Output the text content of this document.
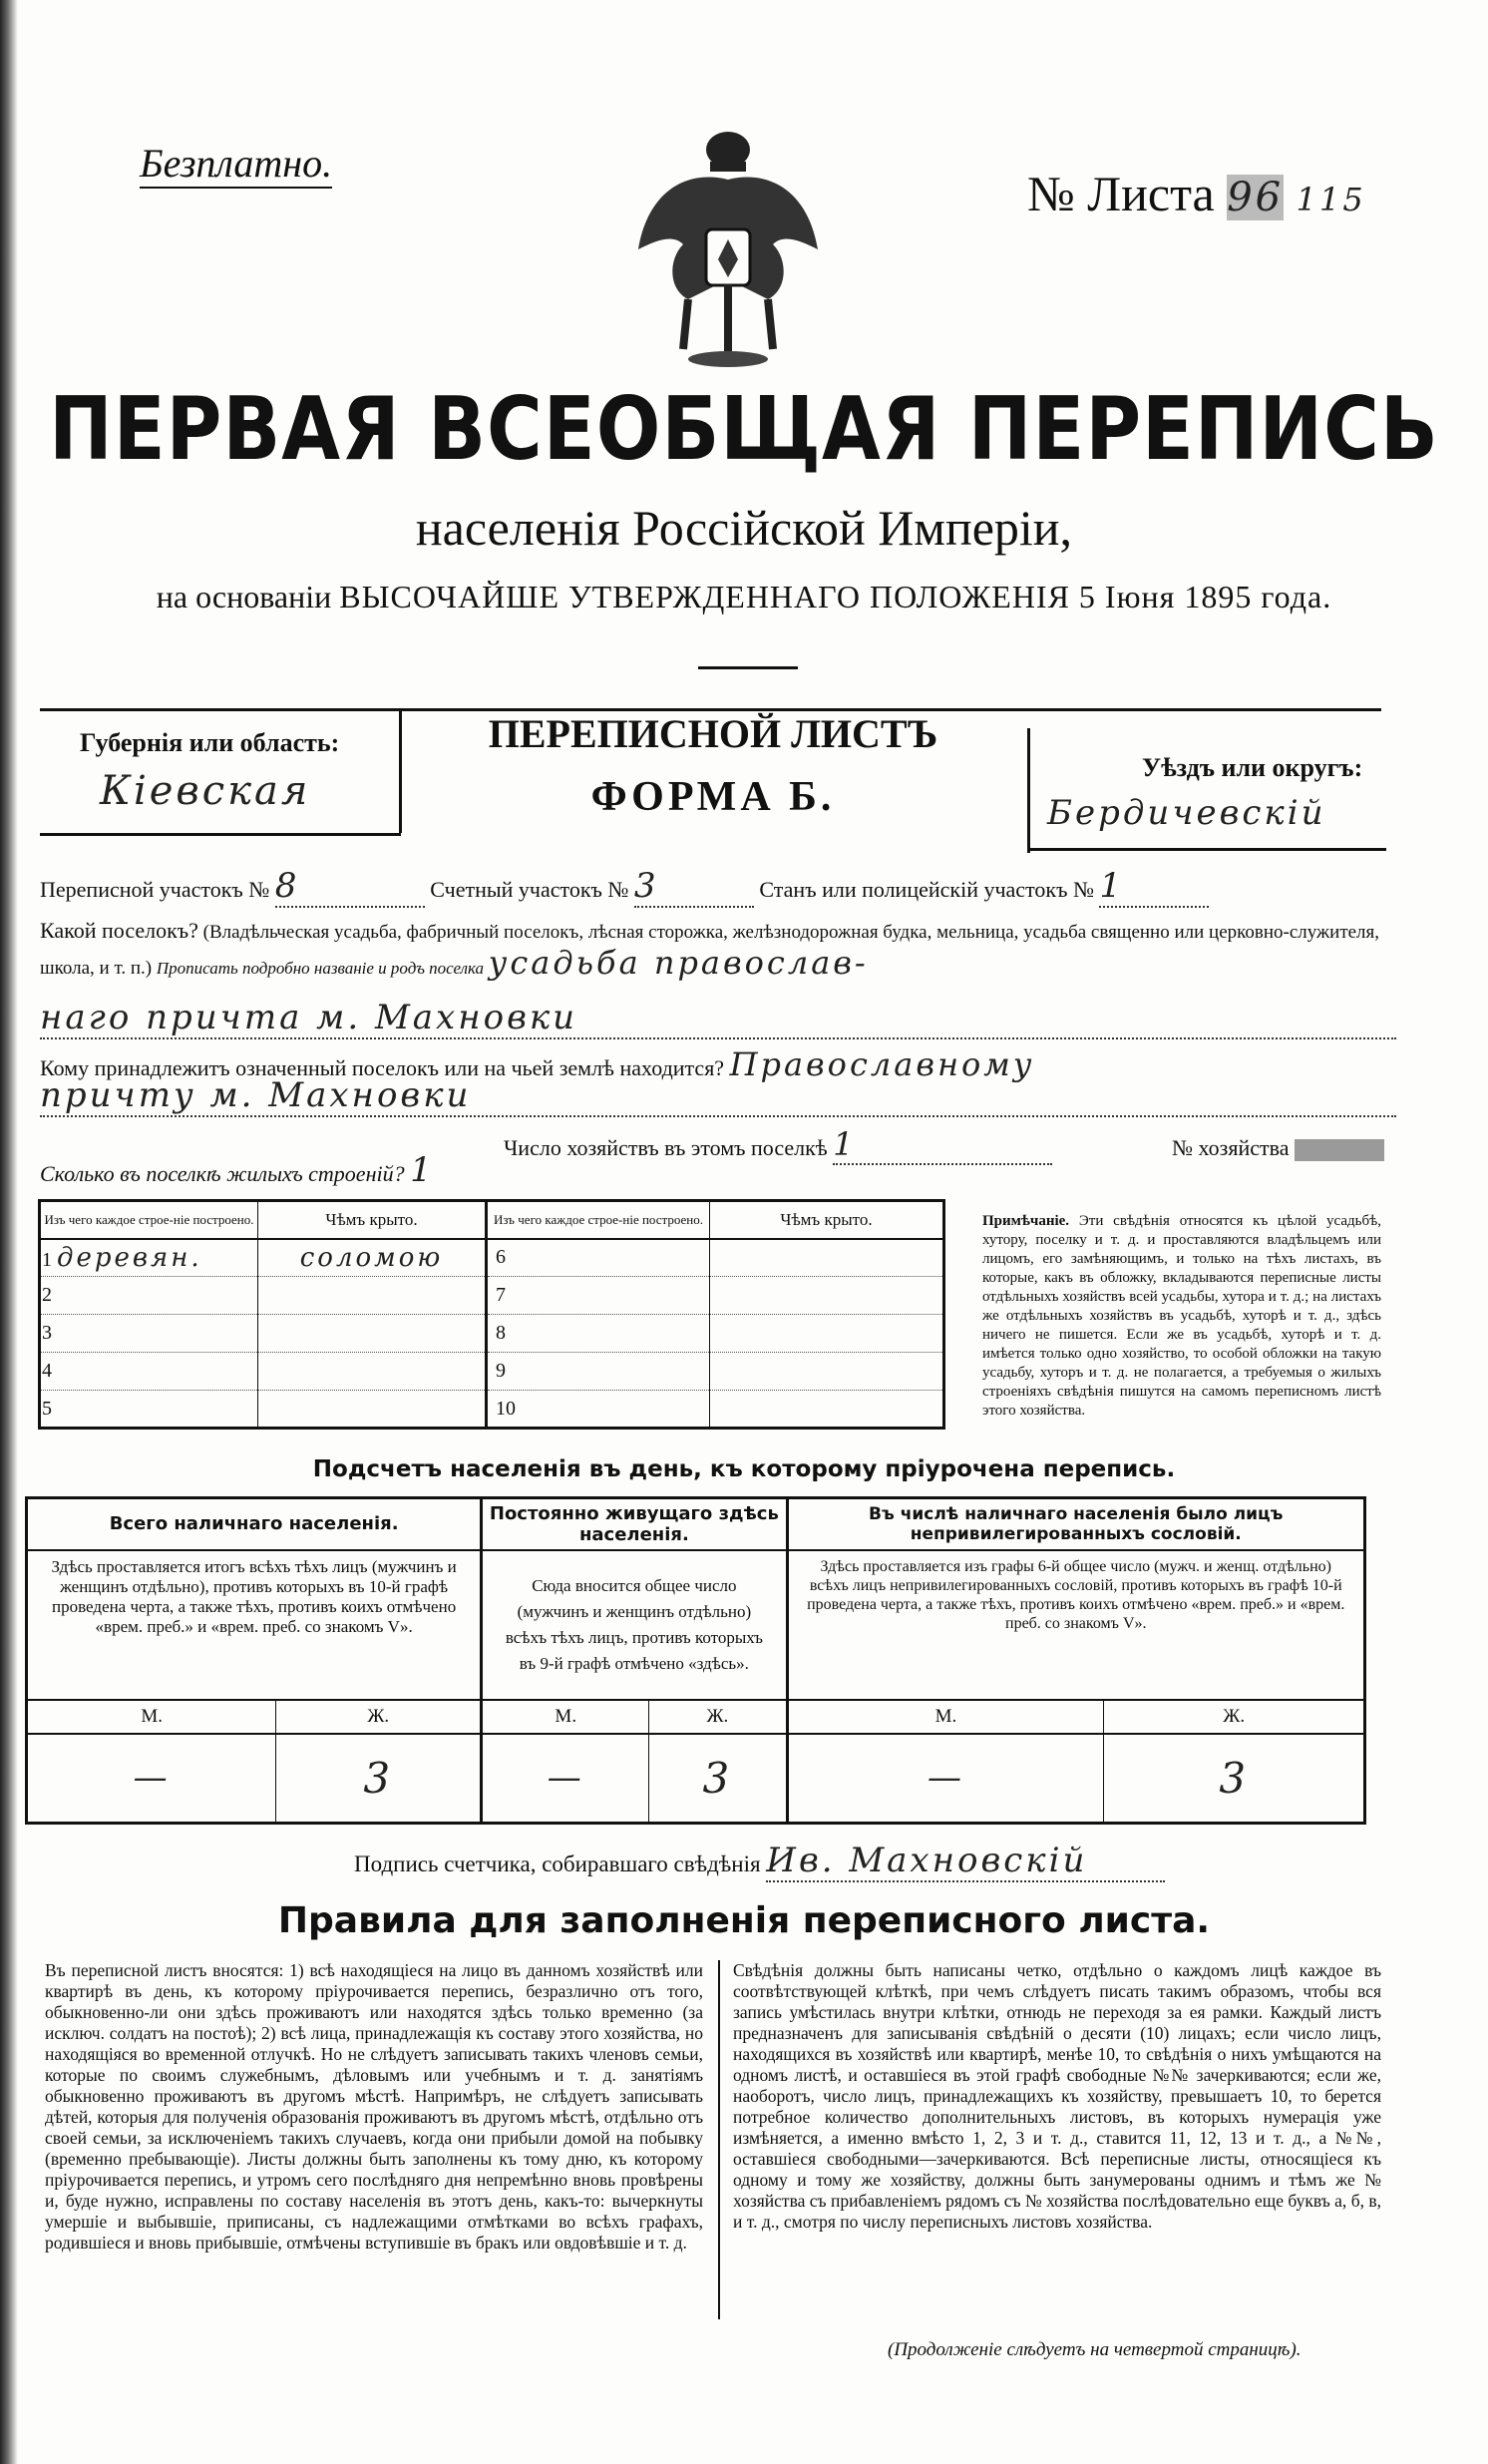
Безплатно.
№ Листа 96 115
ПЕРВАЯ ВСЕОБЩАЯ ПЕРЕПИСЬ
населенія Россійской Имперіи,
на основаніи ВЫСОЧАЙШЕ УТВЕРЖДЕННАГО ПОЛОЖЕНІЯ 5 Іюня 1895 года.
Губернія или область:
Кіевская
ПЕРЕПИСНОЙ ЛИСТЪ
ФОРМА Б.
Уѣздъ или округъ:
Бердичевскій
Переписной участокъ № 8	Счетный участокъ № 3	Станъ или полицейскій участокъ № 1
Какой поселокъ? (Владѣльческая усадьба, фабричный поселокъ, лѣсная сторожка, желѣзнодорожная будка, мельница, усадьба священно или церковно-служителя, школа, и т. п.) Прописать подробно названіе и родъ поселка усадьба православ-
наго причта м. Махновки
Кому принадлежитъ означенный поселокъ или на чьей землѣ находится? Православному
причту м. Махновки
Число хозяйствъ въ этомъ поселкѣ 1	№ хозяйства
Сколько въ поселкѣ жилыхъ строеній? 1
Изъ чего каждое строе-ніе построено.	Чѣмъ крыто.	Изъ чего каждое строе-ніе построено.	Чѣмъ крыто.
1 деревян.	соломою	6	
2		7	
3		8	
4		9	
5		10	
Примѣчаніе. Эти свѣдѣнія относятся къ цѣлой усадьбѣ, хутору, поселку и т. д. и проставляются владѣльцемъ или лицомъ, его замѣняющимъ, и только на тѣхъ листахъ, въ которые, какъ въ обложку, вкладываются переписные листы отдѣльныхъ хозяйствъ всей усадьбы, хутора и т. д.; на листахъ же отдѣльныхъ хозяйствъ въ усадьбѣ, хуторѣ и т. д., здѣсь ничего не пишется. Если же въ усадьбѣ, хуторѣ и т. д. имѣется только одно хозяйство, то особой обложки на такую усадьбу, хуторъ и т. д. не полагается, а требуемыя о жилыхъ строеніяхъ свѣдѣнія пишутся на самомъ переписномъ листѣ этого хозяйства.
Подсчетъ населенія въ день, къ которому пріурочена перепись.
Всего наличнаго населенія.		Постоянно живущаго здѣсь населенія.		Въ числѣ наличнаго населенія было лицъ непривилегированныхъ сословій.	
Здѣсь проставляется итогъ всѣхъ тѣхъ лицъ (мужчинъ и женщинъ отдѣльно), противъ которыхъ въ 10-й графѣ проведена черта, а также тѣхъ, противъ коихъ отмѣчено «врем. преб.» и «врем. преб. со знакомъ V».		Сюда вносится общее число (мужчинъ и женщинъ отдѣльно) всѣхъ тѣхъ лицъ, противъ которыхъ въ 9-й графѣ отмѣчено «здѣсь».		Здѣсь проставляется изъ графы 6-й общее число (мужч. и женщ. отдѣльно) всѣхъ лицъ непривилегированныхъ сословій, противъ которыхъ въ графѣ 10-й проведена черта, а также тѣхъ, противъ коихъ отмѣчено «врем. преб.» и «врем. преб. со знакомъ V».	
М.	Ж.	М.	Ж.	М.	Ж.
—	3	—	3	—	3
Подпись счетчика, собиравшаго свѣдѣнія Ив. Махновскій
Правила для заполненія переписного листа.
Въ переписной листъ вносятся: 1) всѣ находящіеся на лицо въ данномъ хозяйствѣ или квартирѣ въ день, къ которому пріурочивается перепись, безразлично отъ того, обыкновенно-ли они здѣсь проживаютъ или находятся здѣсь только временно (за исключ. солдатъ на постоѣ); 2) всѣ лица, принадлежащія къ составу этого хозяйства, но находящіяся во временной отлучкѣ. Но не слѣдуетъ записывать такихъ членовъ семьи, которые по своимъ служебнымъ, дѣловымъ или учебнымъ и т. д. занятіямъ обыкновенно проживаютъ въ другомъ мѣстѣ. Напримѣръ, не слѣдуетъ записывать дѣтей, которыя для полученія образованія проживаютъ въ другомъ мѣстѣ, отдѣльно отъ своей семьи, за исключеніемъ такихъ случаевъ, когда они прибыли домой на побывку (временно пребывающіе). Листы должны быть заполнены къ тому дню, къ которому пріурочивается перепись, и утромъ сего послѣдняго дня непремѣнно вновь провѣрены и, буде нужно, исправлены по составу населенія въ этотъ день, какъ-то: вычеркнуты умершіе и выбывшіе, приписаны, съ надлежащими отмѣтками во всѣхъ графахъ, родившіеся и вновь прибывшіе, отмѣчены вступившіе въ бракъ или овдовѣвшіе и т. д.
Свѣдѣнія должны быть написаны четко, отдѣльно о каждомъ лицѣ каждое въ соотвѣтствующей клѣткѣ, при чемъ слѣдуетъ писать такимъ образомъ, чтобы вся запись умѣстилась внутри клѣтки, отнюдь не переходя за ея рамки. Каждый листъ предназначенъ для записыванія свѣдѣній о десяти (10) лицахъ; если число лицъ, находящихся въ хозяйствѣ или квартирѣ, менѣе 10, то свѣдѣнія о нихъ умѣщаются на одномъ листѣ, и оставшіеся въ этой графѣ свободные №№ зачеркиваются; если же, наоборотъ, число лицъ, принадлежащихъ къ хозяйству, превышаетъ 10, то берется потребное количество дополнительныхъ листовъ, въ которыхъ нумерація уже измѣняется, а именно вмѣсто 1, 2, 3 и т. д., ставится 11, 12, 13 и т. д., а №№, оставшіеся свободными—зачеркиваются. Всѣ переписные листы, относящіеся къ одному и тому же хозяйству, должны быть занумерованы однимъ и тѣмъ же № хозяйства съ прибавленіемъ рядомъ съ № хозяйства послѣдовательно еще буквъ а, б, в, и т. д., смотря по числу переписныхъ листовъ хозяйства.
(Продолженіе слѣдуетъ на четвертой страницѣ).
